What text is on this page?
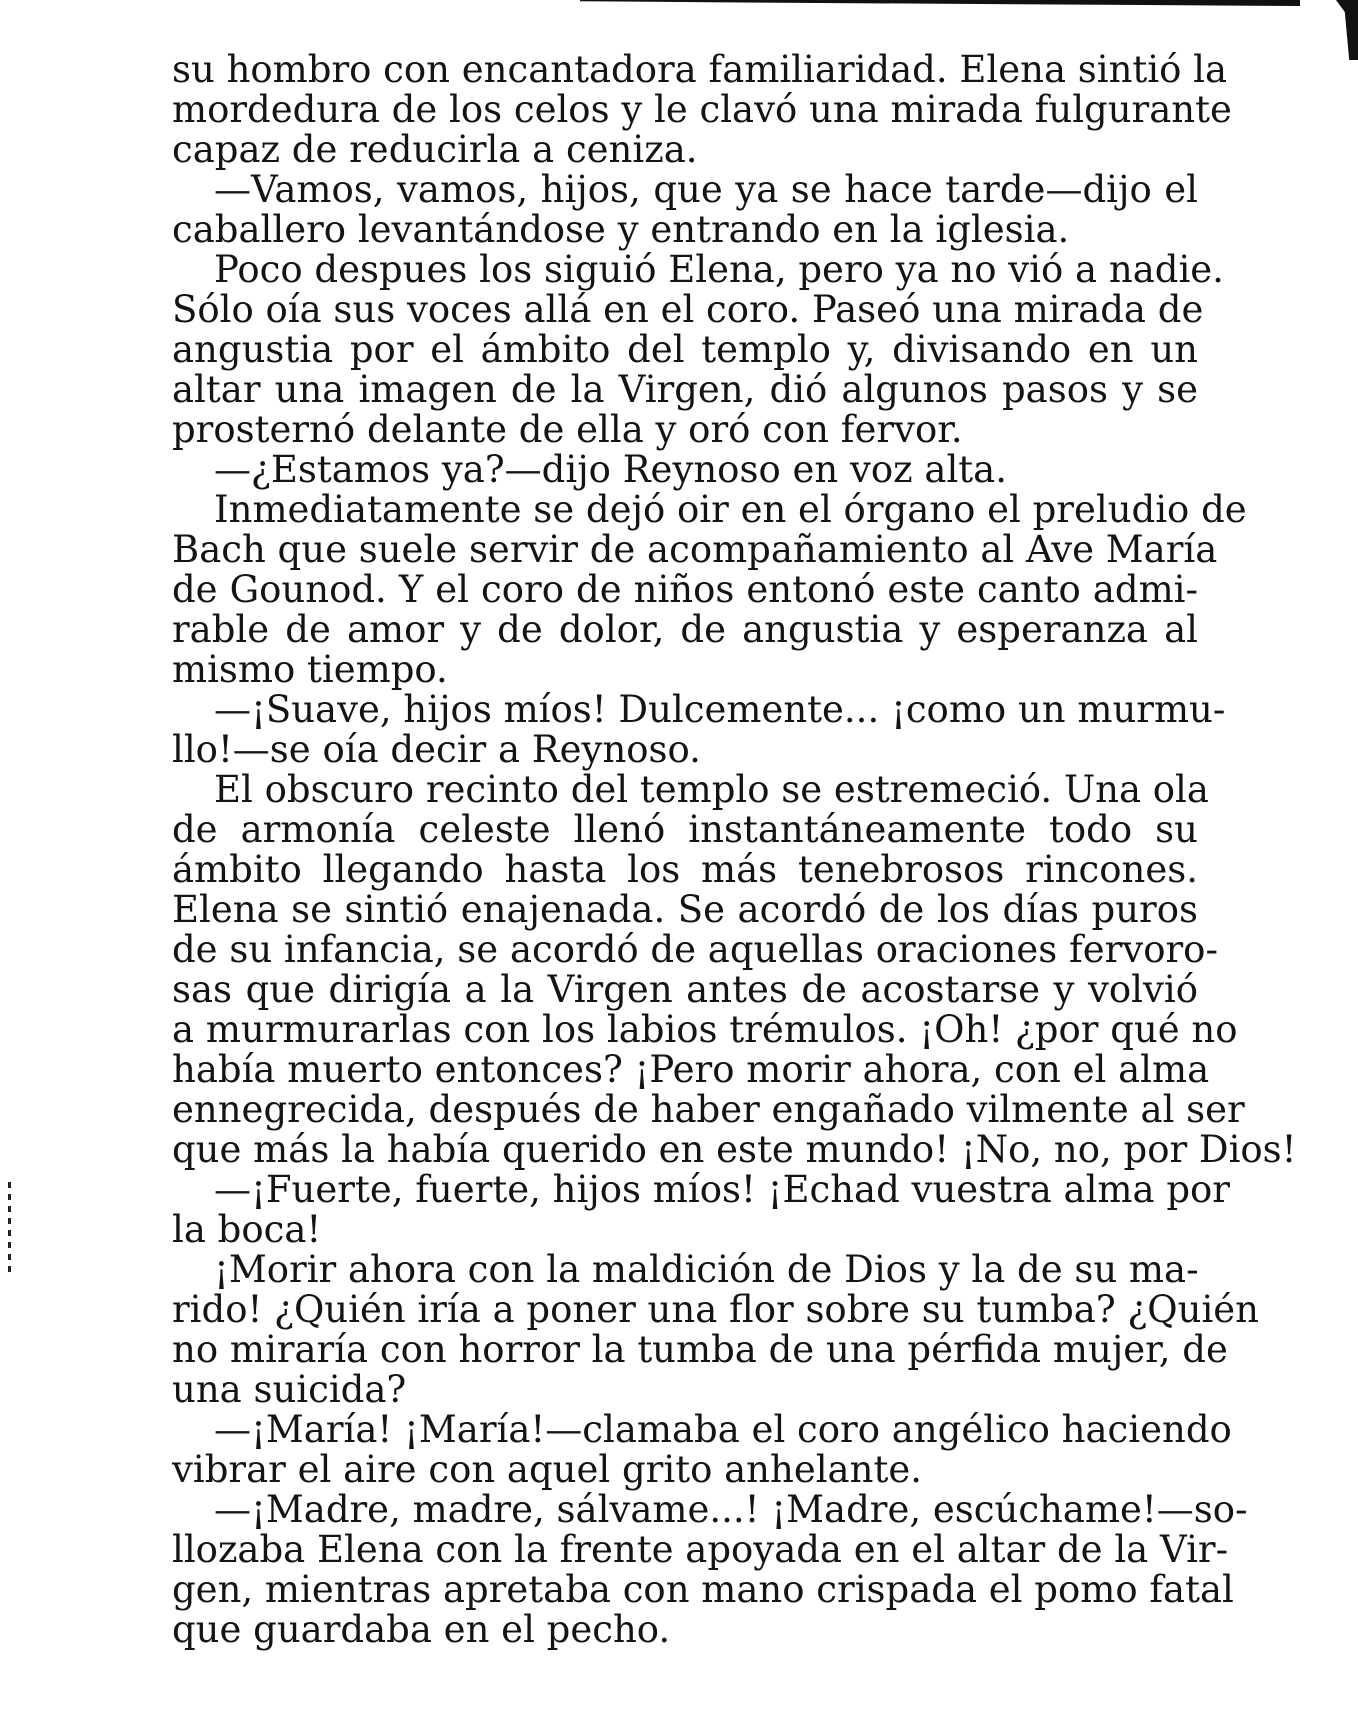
su hombro con encantadora familiaridad. Elena sintió la
mordedura de los celos y le clavó una mirada fulgurante
capaz de reducirla a ceniza.
—Vamos, vamos, hijos, que ya se hace tarde—dijo el
caballero levantándose y entrando en la iglesia.
Poco despues los siguió Elena, pero ya no vió a nadie.
Sólo oía sus voces allá en el coro. Paseó una mirada de
angustia por el ámbito del templo y, divisando en un
altar una imagen de la Virgen, dió algunos pasos y se
prosternó delante de ella y oró con fervor.
—¿Estamos ya?—dijo Reynoso en voz alta.
Inmediatamente se dejó oir en el órgano el preludio de
Bach que suele servir de acompañamiento al Ave María
de Gounod. Y el coro de niños entonó este canto admi-
rable de amor y de dolor, de angustia y esperanza al
mismo tiempo.
—¡Suave, hijos míos! Dulcemente... ¡como un murmu-
llo!—se oía decir a Reynoso.
El obscuro recinto del templo se estremeció. Una ola
de armonía celeste llenó instantáneamente todo su
ámbito llegando hasta los más tenebrosos rincones.
Elena se sintió enajenada. Se acordó de los días puros
de su infancia, se acordó de aquellas oraciones fervoro-
sas que dirigía a la Virgen antes de acostarse y volvió
a murmurarlas con los labios trémulos. ¡Oh! ¿por qué no
había muerto entonces? ¡Pero morir ahora, con el alma
ennegrecida, después de haber engañado vilmente al ser
que más la había querido en este mundo! ¡No, no, por Dios!
—¡Fuerte, fuerte, hijos míos! ¡Echad vuestra alma por
la boca!
¡Morir ahora con la maldición de Dios y la de su ma-
rido! ¿Quién iría a poner una flor sobre su tumba? ¿Quién
no miraría con horror la tumba de una pérfida mujer, de
una suicida?
—¡María! ¡María!—clamaba el coro angélico haciendo
vibrar el aire con aquel grito anhelante.
—¡Madre, madre, sálvame...! ¡Madre, escúchame!—so-
llozaba Elena con la frente apoyada en el altar de la Vir-
gen, mientras apretaba con mano crispada el pomo fatal
que guardaba en el pecho.
